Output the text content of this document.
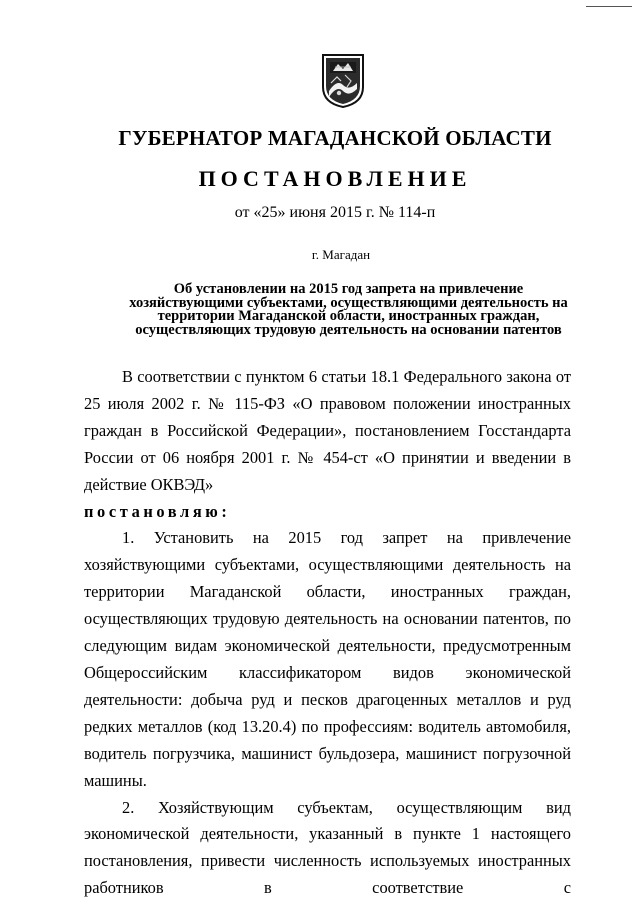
ГУБЕРНАТОР МАГАДАНСКОЙ ОБЛАСТИ
ПОСТАНОВЛЕНИЕ
от «25» июня 2015 г. № 114-п
г. Магадан
Об установлении на 2015 год запрета на привлечение хозяйствующими субъектами, осуществляющими деятельность на территории Магаданской области, иностранных граждан, осуществляющих трудовую деятельность на основании патентов

В соответствии с пунктом 6 статьи 18.1 Федерального закона от 25 июля 2002 г. № 115-ФЗ «О правовом положении иностранных граждан в Российской Федерации», постановлением Госстандарта России от 06 ноября 2001 г. № 454-ст «О принятии и введении в действие ОКВЭД»

постановляю:

1. Установить на 2015 год запрет на привлечение хозяйствующими субъектами, осуществляющими деятельность на территории Магаданской области, иностранных граждан, осуществляющих трудовую деятельность на основании патентов, по следующим видам экономической деятельности, предусмотренным Общероссийским классификатором видов экономической деятельности: добыча руд и песков драгоценных металлов и руд редких металлов (код 13.20.4) по профессиям: водитель автомобиля, водитель погрузчика, машинист бульдозера, машинист погрузочной машины.

2. Хозяйствующим субъектам, осуществляющим вид экономической деятельности, указанный в пункте 1 настоящего постановления, привести численность используемых иностранных работников в соответствие с
